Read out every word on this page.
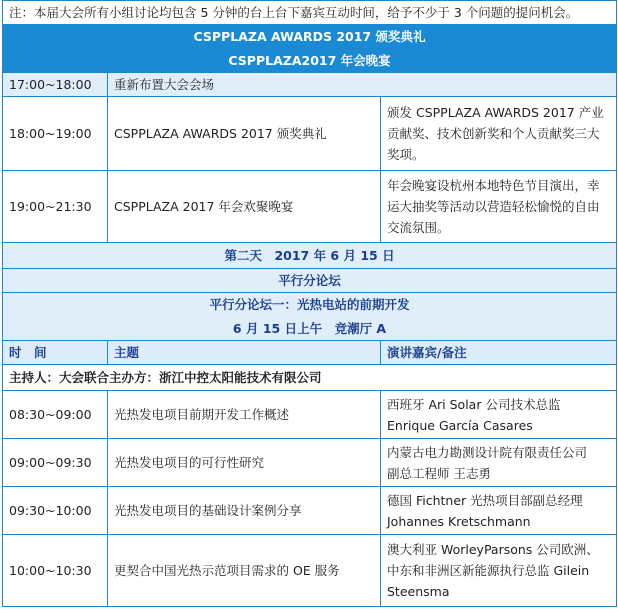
注：本届大会所有小组讨论均包含 5 分钟的台上台下嘉宾互动时间，给予不少于 3 个问题的提问机会。		
CSPPLAZA AWARDS 2017 颁奖典礼		
CSPPLAZA2017 年会晚宴		
17:00~18:00	重新布置大会会场	
18:00~19:00	CSPPLAZA AWARDS 2017 颁奖典礼	颁发 CSPPLAZA AWARDS 2017 产业贡献奖、技术创新奖和个人贡献奖三大奖项。
19:00~21:30	CSPPLAZA 2017 年会欢聚晚宴	年会晚宴设杭州本地特色节目演出，幸运大抽奖等活动以营造轻松愉悦的自由交流氛围。
第二天　2017 年 6 月 15 日		
平行分论坛		
平行分论坛一：光热电站的前期开发		
6 月 15 日上午　竞潮厅 A		
时　间	主题	演讲嘉宾/备注
主持人：大会联合主办方：浙江中控太阳能技术有限公司		
08:30~09:00	光热发电项目前期开发工作概述	西班牙 Ari Solar 公司技术总监
Enrique García Casares

09:00~09:30	光热发电项目的可行性研究	内蒙古电力勘测设计院有限责任公司
副总工程师 王志勇

09:30~10:00	光热发电项目的基础设计案例分享	德国 Fichtner 光热项目部副总经理
Johannes Kretschmann

10:00~10:30	更契合中国光热示范项目需求的 OE 服务	澳大利亚 WorleyParsons 公司欧洲、
中东和非洲区新能源执行总监 Gilein
Steensma
